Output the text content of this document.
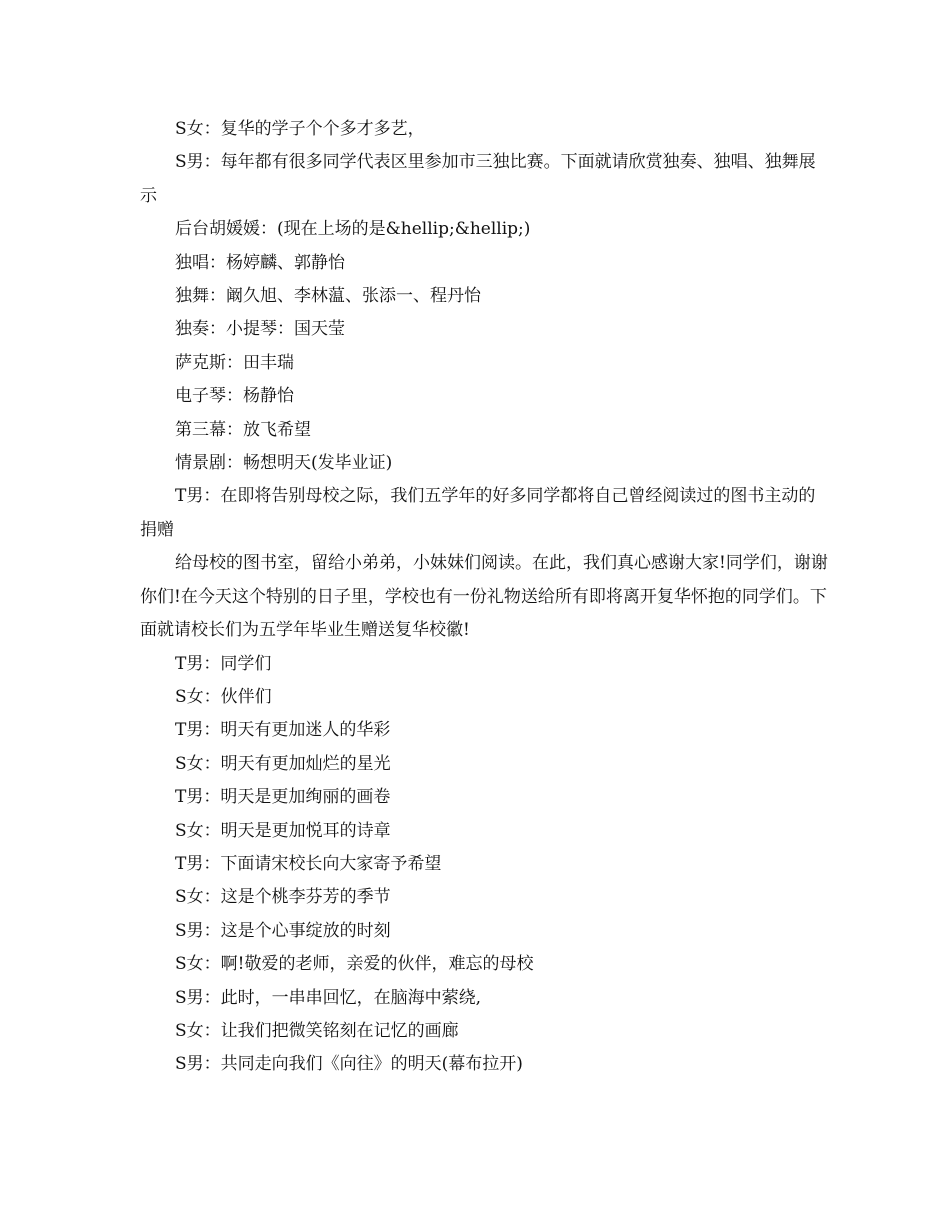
S女：复华的学子个个多才多艺，

S男：每年都有很多同学代表区里参加市三独比赛。下面就请欣赏独奏、独唱、独舞展示

后台胡媛媛：(现在上场的是&hellip;&hellip;)

独唱：杨婷麟、郭静怡

独舞：阚久旭、李林蕰、张添一、程丹怡

独奏：小提琴：国天莹

萨克斯：田丰瑞

电子琴：杨静怡

第三幕：放飞希望

情景剧：畅想明天(发毕业证)

T男：在即将告别母校之际，我们五学年的好多同学都将自己曾经阅读过的图书主动的捐赠

给母校的图书室，留给小弟弟，小妹妹们阅读。在此，我们真心感谢大家!同学们，谢谢你们!在今天这个特别的日子里，学校也有一份礼物送给所有即将离开复华怀抱的同学们。下面就请校长们为五学年毕业生赠送复华校徽!

T男：同学们

S女：伙伴们

T男：明天有更加迷人的华彩

S女：明天有更加灿烂的星光

T男：明天是更加绚丽的画卷

S女：明天是更加悦耳的诗章

T男：下面请宋校长向大家寄予希望

S女：这是个桃李芬芳的季节

S男：这是个心事绽放的时刻

S女：啊!敬爱的老师，亲爱的伙伴，难忘的母校

S男：此时，一串串回忆，在脑海中萦绕,

S女：让我们把微笑铭刻在记忆的画廊

S男：共同走向我们《向往》的明天(幕布拉开)
